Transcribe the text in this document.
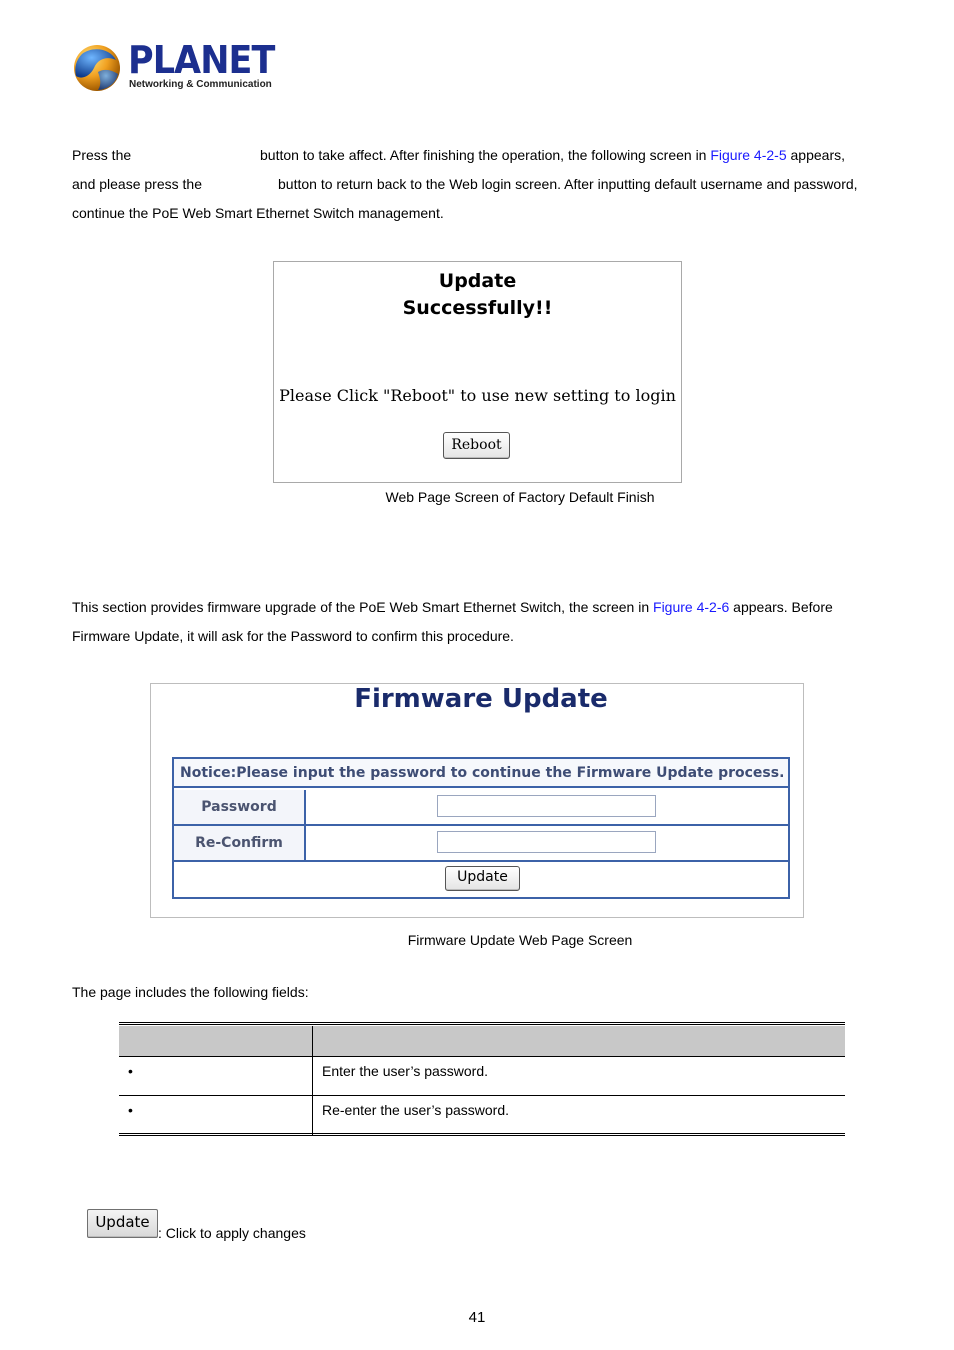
PLANET
Networking & Communication
Press the	button to take affect. After finishing the operation, the following screen in Figure 4-2-5 appears,
and please press the	button to return back to the Web login screen. After inputting default username and password,
continue the PoE Web Smart Ethernet Switch management.
Update
Successfully!!
Please Click "Reboot" to use new setting to login
Reboot
Web Page Screen of Factory Default Finish
This section provides firmware upgrade of the PoE Web Smart Ethernet Switch, the screen in Figure 4-2-6 appears. Before
Firmware Update, it will ask for the Password to confirm this procedure.
Firmware Update
Notice:Please input the password to continue the Firmware Update process.
Password
Re-Confirm
Update
Firmware Update Web Page Screen
The page includes the following fields:
•	Enter the user’s password.
•	Re-enter the user’s password.
Update
: Click to apply changes
41
